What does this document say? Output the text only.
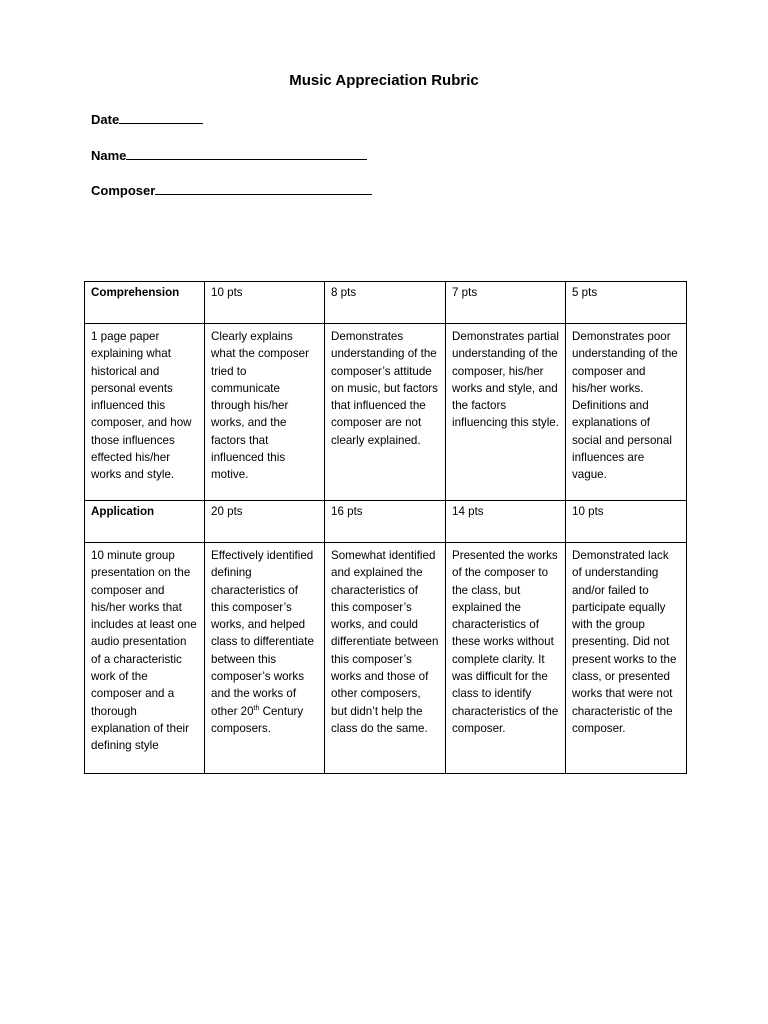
Music Appreciation Rubric
Date
Name
Composer
Comprehension	10 pts	8 pts	7 pts	5 pts
1 page paper explaining what historical and personal events influenced this composer, and how those influences effected his/her works and style.	Clearly explains what the composer tried to communicate through his/her works, and the factors that influenced this motive.	Demonstrates understanding of the composer’s attitude on music, but factors that influenced the composer are not clearly explained.	Demonstrates partial understanding of the composer, his/her works and style, and the factors influencing this style.	Demonstrates poor understanding of the composer and his/her works. Definitions and explanations of social and personal influences are vague.
Application	20 pts	16 pts	14 pts	10 pts
10 minute group presentation on the composer and his/her works that includes at least one audio presentation of a characteristic work of the composer and a thorough explanation of their defining style	Effectively identified defining characteristics of this composer’s works, and helped class to differentiate between this composer’s works and the works of other 20th Century composers.	Somewhat identified and explained the characteristics of this composer’s works, and could differentiate between this composer’s works and those of other composers, but didn’t help the class do the same.	Presented the works of the composer to the class, but explained the characteristics of these works without complete clarity. It was difficult for the class to identify characteristics of the composer.	Demonstrated lack of understanding and/or failed to participate equally with the group presenting. Did not present works to the class, or presented works that were not characteristic of the composer.
